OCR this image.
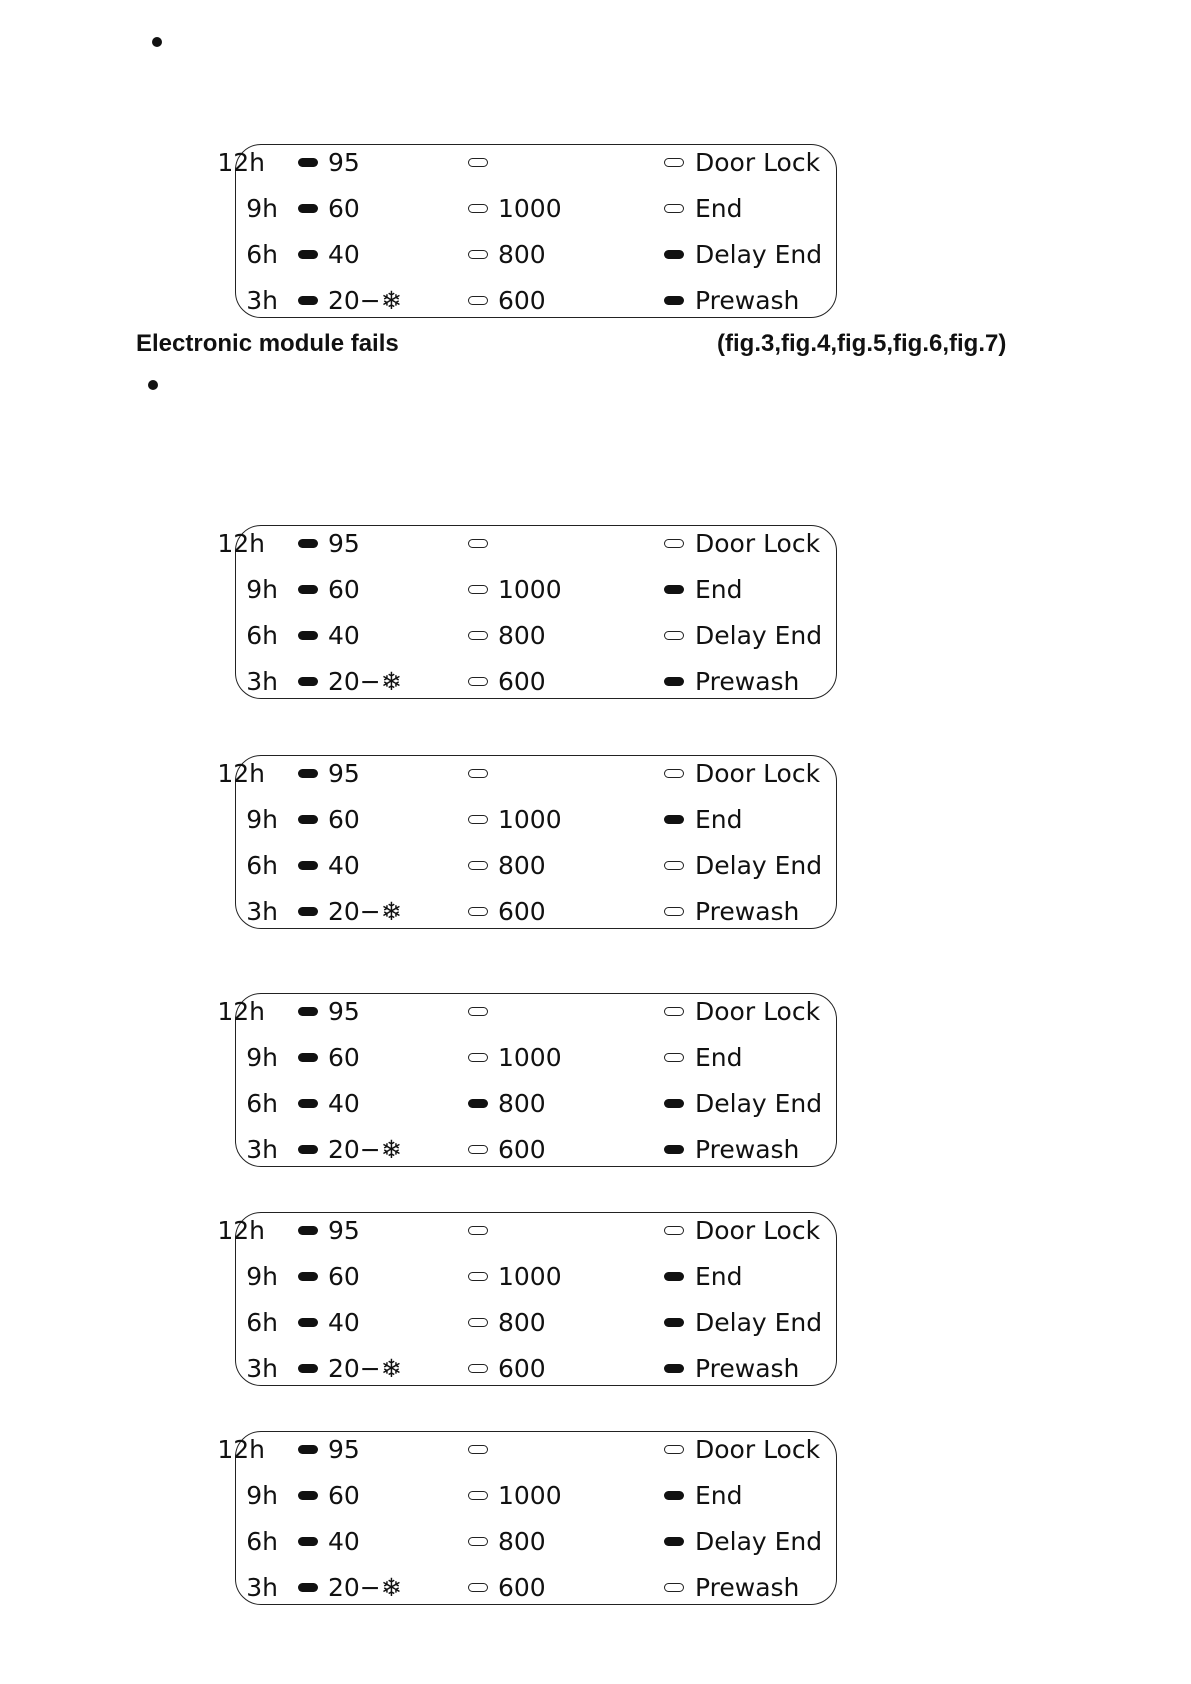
Electronic module fails	(fig.3,fig.4,fig.5,fig.6,fig.7)
12h	95	Door Lock
9h 60	1000	End
6h 40	800	Delay End
3h 20−❄	600	Prewash
12h	95	Door Lock
9h 60	1000	End
6h 40	800	Delay End
3h 20−❄	600	Prewash
12h	95	Door Lock
9h 60	1000	End
6h 40	800	Delay End
3h 20−❄	600	Prewash
12h	95	Door Lock
9h 60	1000	End
6h 40	800	Delay End
3h 20−❄	600	Prewash
12h	95	Door Lock
9h 60	1000	End
6h 40	800	Delay End
3h 20−❄	600	Prewash
12h	95	Door Lock
9h 60	1000	End
6h 40	800	Delay End
3h 20−❄	600	Prewash
